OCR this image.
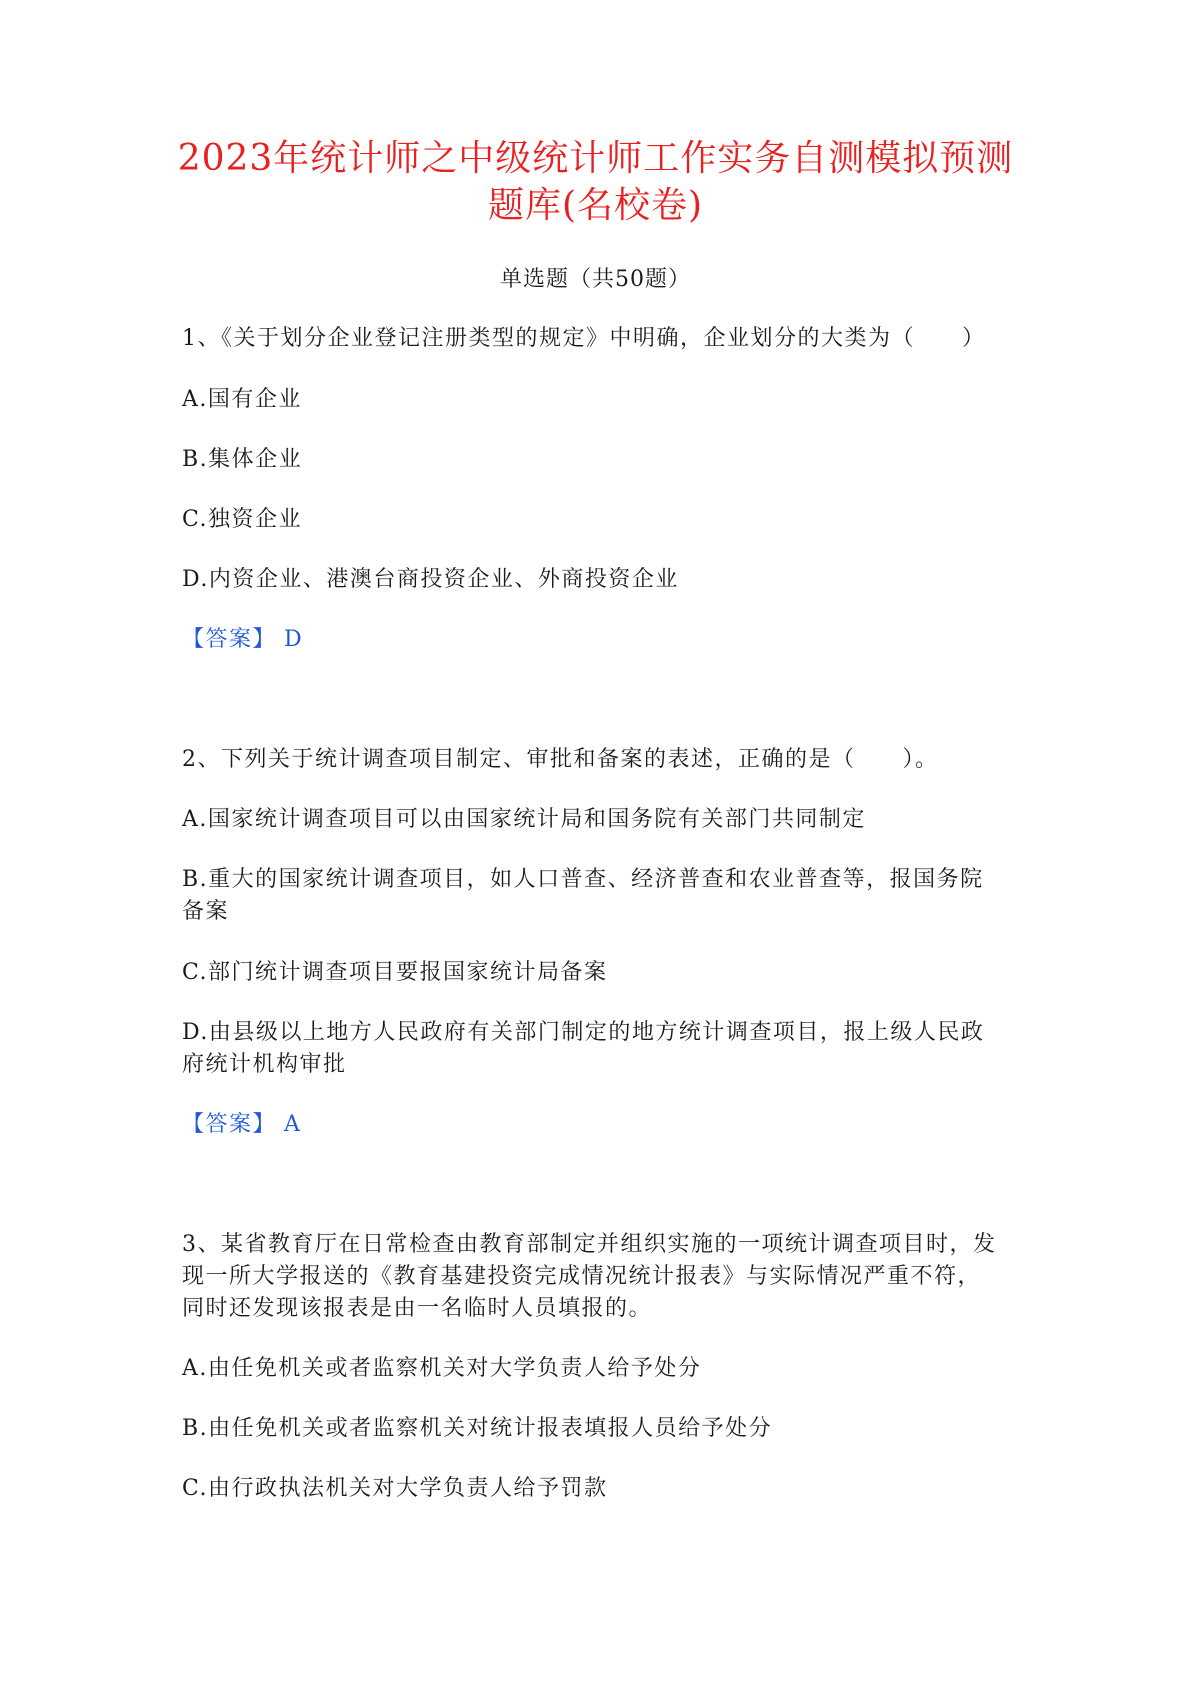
2023年统计师之中级统计师工作实务自测模拟预测
题库(名校卷)
单选题（共50题）
1、《关于划分企业登记注册类型的规定》中明确，企业划分的大类为（　　）
A.国有企业
B.集体企业
C.独资企业
D.内资企业、港澳台商投资企业、外商投资企业
【答案】 D
2、下列关于统计调查项目制定、审批和备案的表述，正确的是（　　）。
A.国家统计调查项目可以由国家统计局和国务院有关部门共同制定
B.重大的国家统计调查项目，如人口普查、经济普查和农业普查等，报国务院
备案
C.部门统计调查项目要报国家统计局备案
D.由县级以上地方人民政府有关部门制定的地方统计调查项目，报上级人民政
府统计机构审批
【答案】 A
3、某省教育厅在日常检查由教育部制定并组织实施的一项统计调查项目时，发
现一所大学报送的《教育基建投资完成情况统计报表》与实际情况严重不符，
同时还发现该报表是由一名临时人员填报的。
A.由任免机关或者监察机关对大学负责人给予处分
B.由任免机关或者监察机关对统计报表填报人员给予处分
C.由行政执法机关对大学负责人给予罚款
